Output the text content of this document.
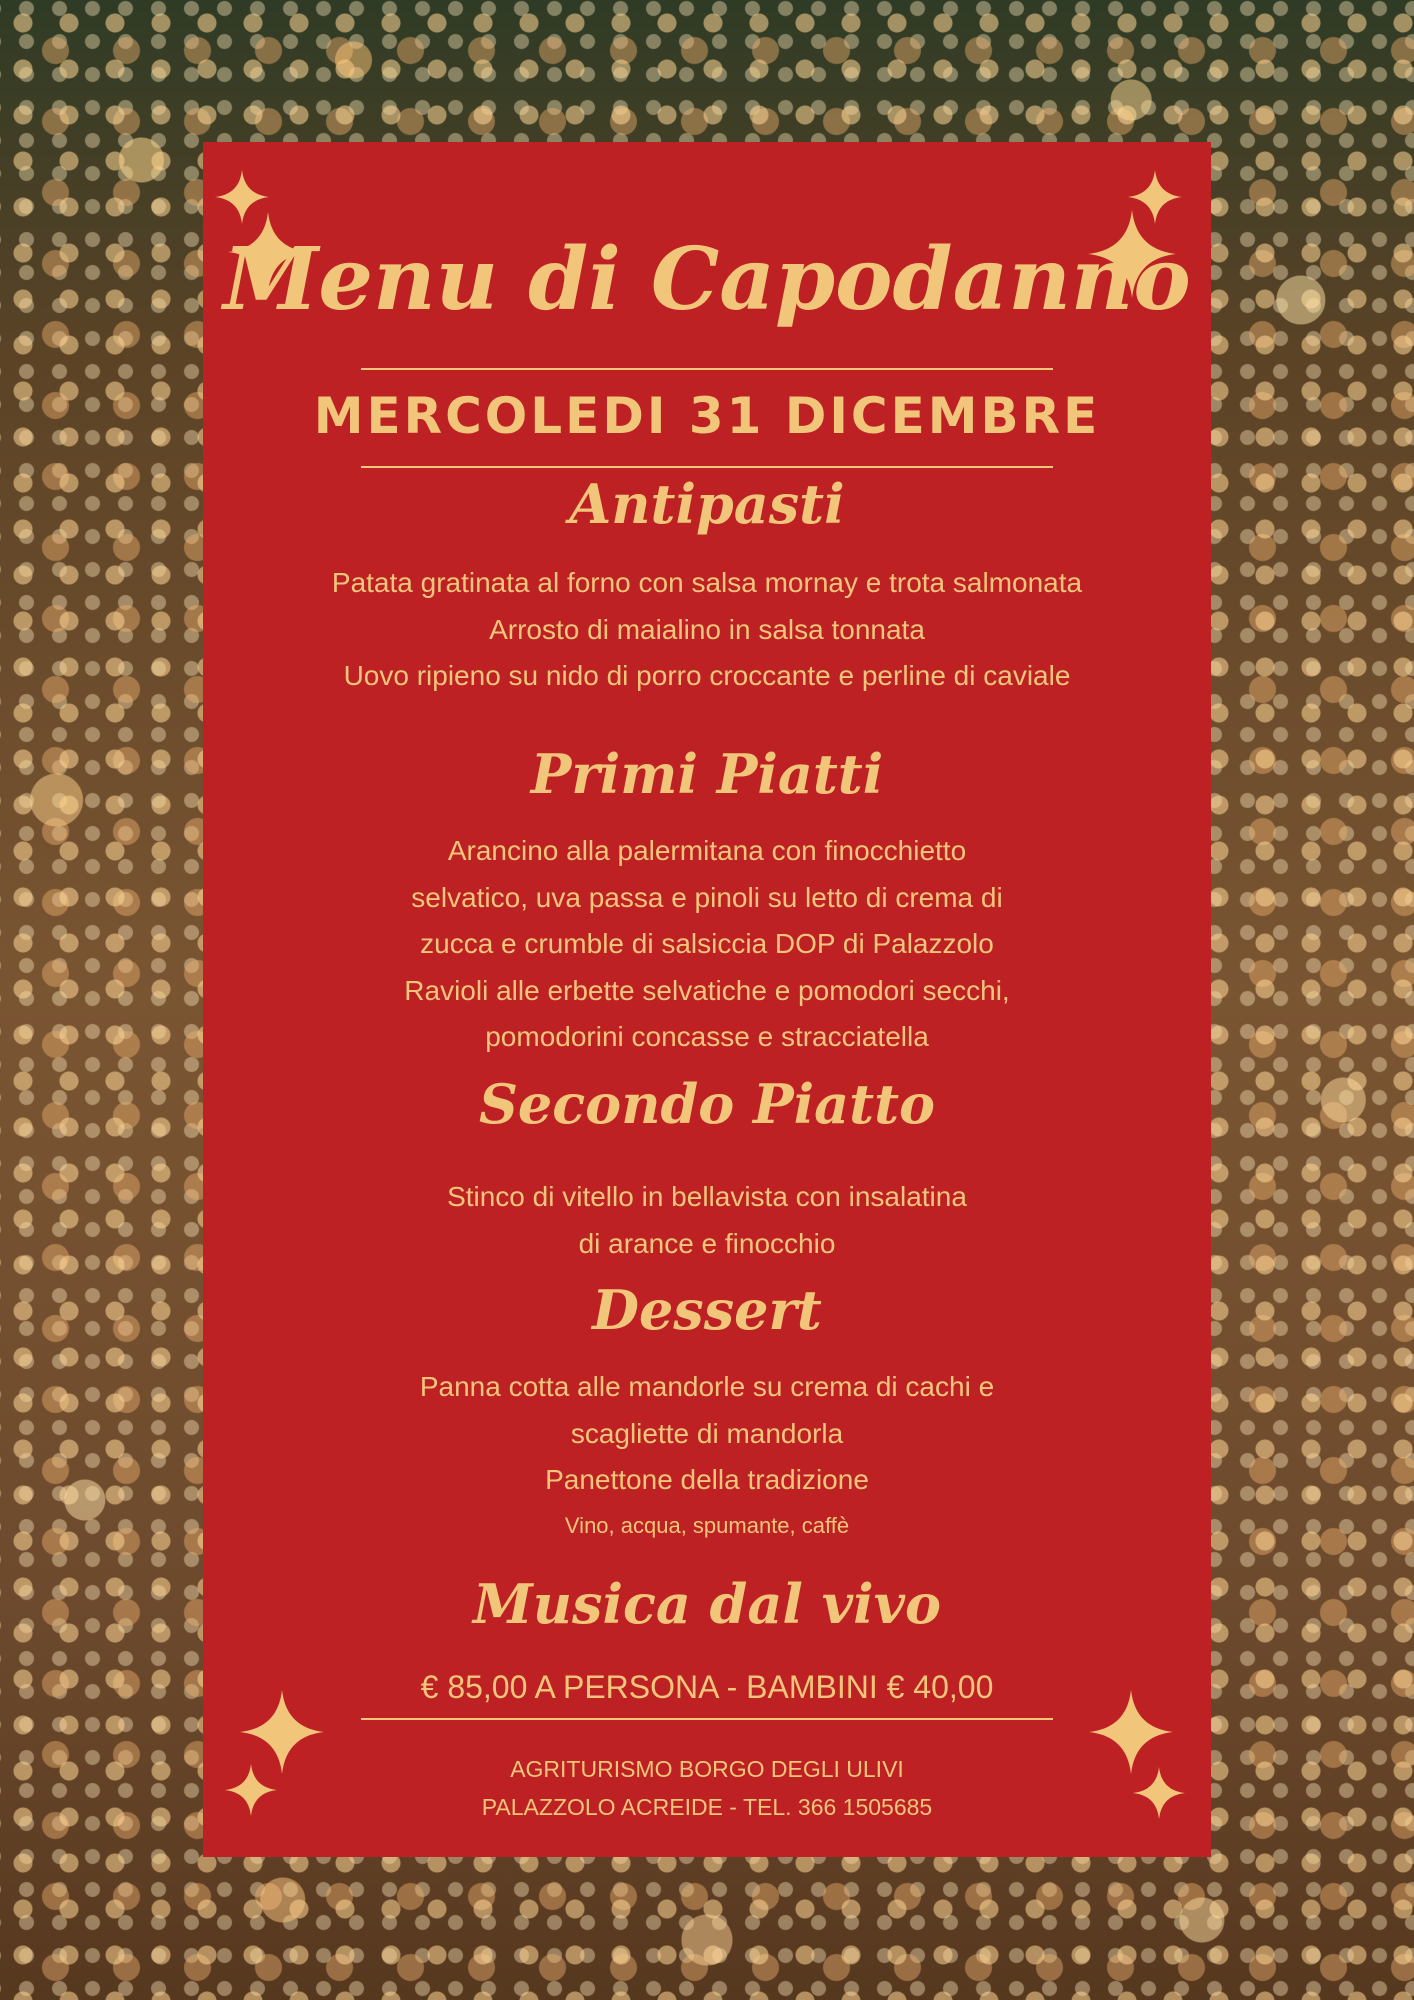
Menu di Capodanno
MERCOLEDI 31 DICEMBRE
Antipasti
Patata gratinata al forno con salsa mornay e trota salmonata
Arrosto di maialino in salsa tonnata
Uovo ripieno su nido di porro croccante e perline di caviale
Primi Piatti
Arancino alla palermitana con finocchietto
selvatico, uva passa e pinoli su letto di crema di
zucca e crumble di salsiccia DOP di Palazzolo
Ravioli alle erbette selvatiche e pomodori secchi,
pomodorini concasse e stracciatella
Secondo Piatto
Stinco di vitello in bellavista con insalatina
di arance e finocchio
Dessert
Panna cotta alle mandorle su crema di cachi e
scagliette di mandorla
Panettone della tradizione
Vino, acqua, spumante, caffè
Musica dal vivo
€ 85,00 A PERSONA - BAMBINI € 40,00
AGRITURISMO BORGO DEGLI ULIVI
PALAZZOLO ACREIDE - TEL. 366 1505685
